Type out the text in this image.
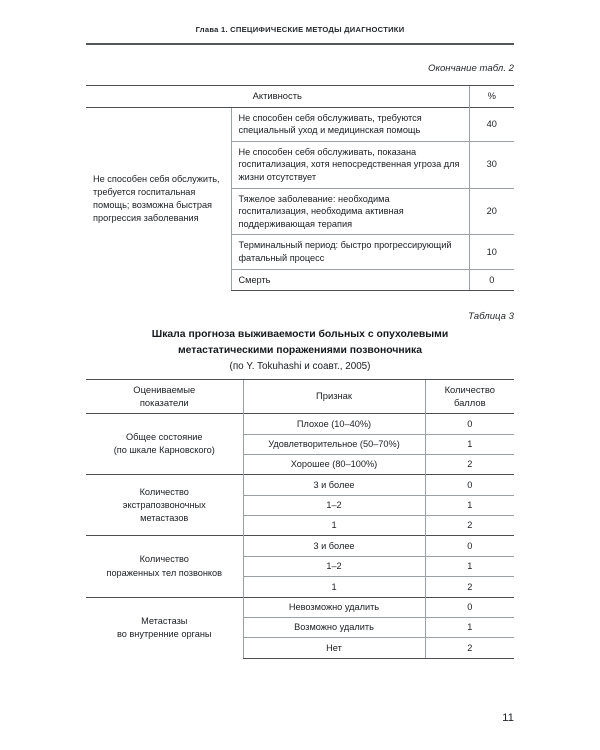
Глава 1. СПЕЦИФИЧЕСКИЕ МЕТОДЫ ДИАГНОСТИКИ
Окончание табл. 2
Активность		%
Не способен себя обслужить, требуется госпитальная помощь; возможна быстрая прогрессия заболевания	Не способен себя обслуживать, требуются специальный уход и медицинская помощь	40
	Не способен себя обслуживать, показана госпитализация, хотя непосредственная угроза для жизни отсутствует	30
	Тяжелое заболевание: необходима госпитализация, необходима активная поддерживающая терапия	20
	Терминальный период: быстро прогрессирующий фатальный процесс	10
	Смерть	0
Таблица 3
Шкала прогноза выживаемости больных с опухолевыми
метастатическими поражениями позвоночника
(по Y. Tokuhashi и соавт., 2005)
Оцениваемые
показатели	Признак	Количество
баллов
Общее состояние
(по шкале Карновского)	Плохое (10–40%)	0
	Удовлетворительное (50–70%)	1
	Хорошее (80–100%)	2
Количество
экстрапозвоночных
метастазов	3 и более	0
	1–2	1
	1	2
Количество
пораженных тел позвонков	3 и более	0
	1–2	1
	1	2
Метастазы
во внутренние органы	Невозможно удалить	0
	Возможно удалить	1
	Нет	2
11
